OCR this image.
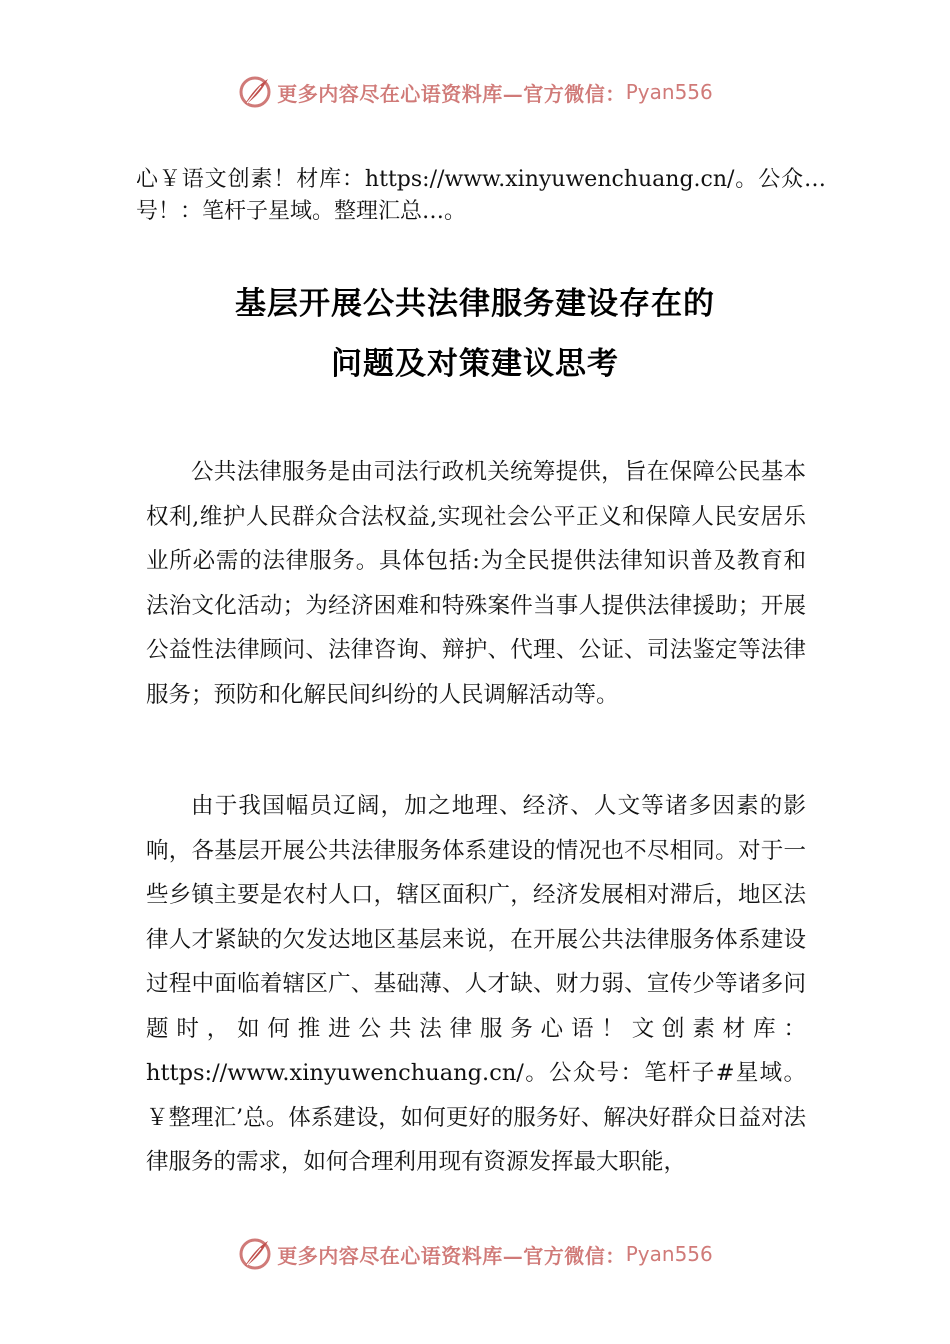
更多内容尽在心语资料库—官方微信： Pyan556
心￥语文创素！材库：https://www.xinyuwenchuang.cn/。公众…号！：笔杆子星域。整理汇总…。
基层开展公共法律服务建设存在的
问题及对策建议思考

公共法律服务是由司法行政机关统筹提供，旨在保障公民基本权利,维护人民群众合法权益,实现社会公平正义和保障人民安居乐业所必需的法律服务。具体包括:为全民提供法律知识普及教育和法治文化活动；为经济困难和特殊案件当事人提供法律援助；开展公益性法律顾问、法律咨询、辩护、代理、公证、司法鉴定等法律服务；预防和化解民间纠纷的人民调解活动等。

由于我国幅员辽阔，加之地理、经济、人文等诸多因素的影响，各基层开展公共法律服务体系建设的情况也不尽相同。对于一些乡镇主要是农村人口，辖区面积广，经济发展相对滞后，地区法律人才紧缺的欠发达地区基层来说，在开展公共法律服务体系建设过程中面临着辖区广、基础薄、人才缺、财力弱、宣传少等诸多问题时，如何推进公共法律服务心语！文创素材库：https://www.xinyuwenchuang.cn/。公众号：笔杆子#星域。￥整理汇’总。体系建设，如何更好的服务好、解决好群众日益对法律服务的需求，如何合理利用现有资源发挥最大职能，

更多内容尽在心语资料库—官方微信： Pyan556
